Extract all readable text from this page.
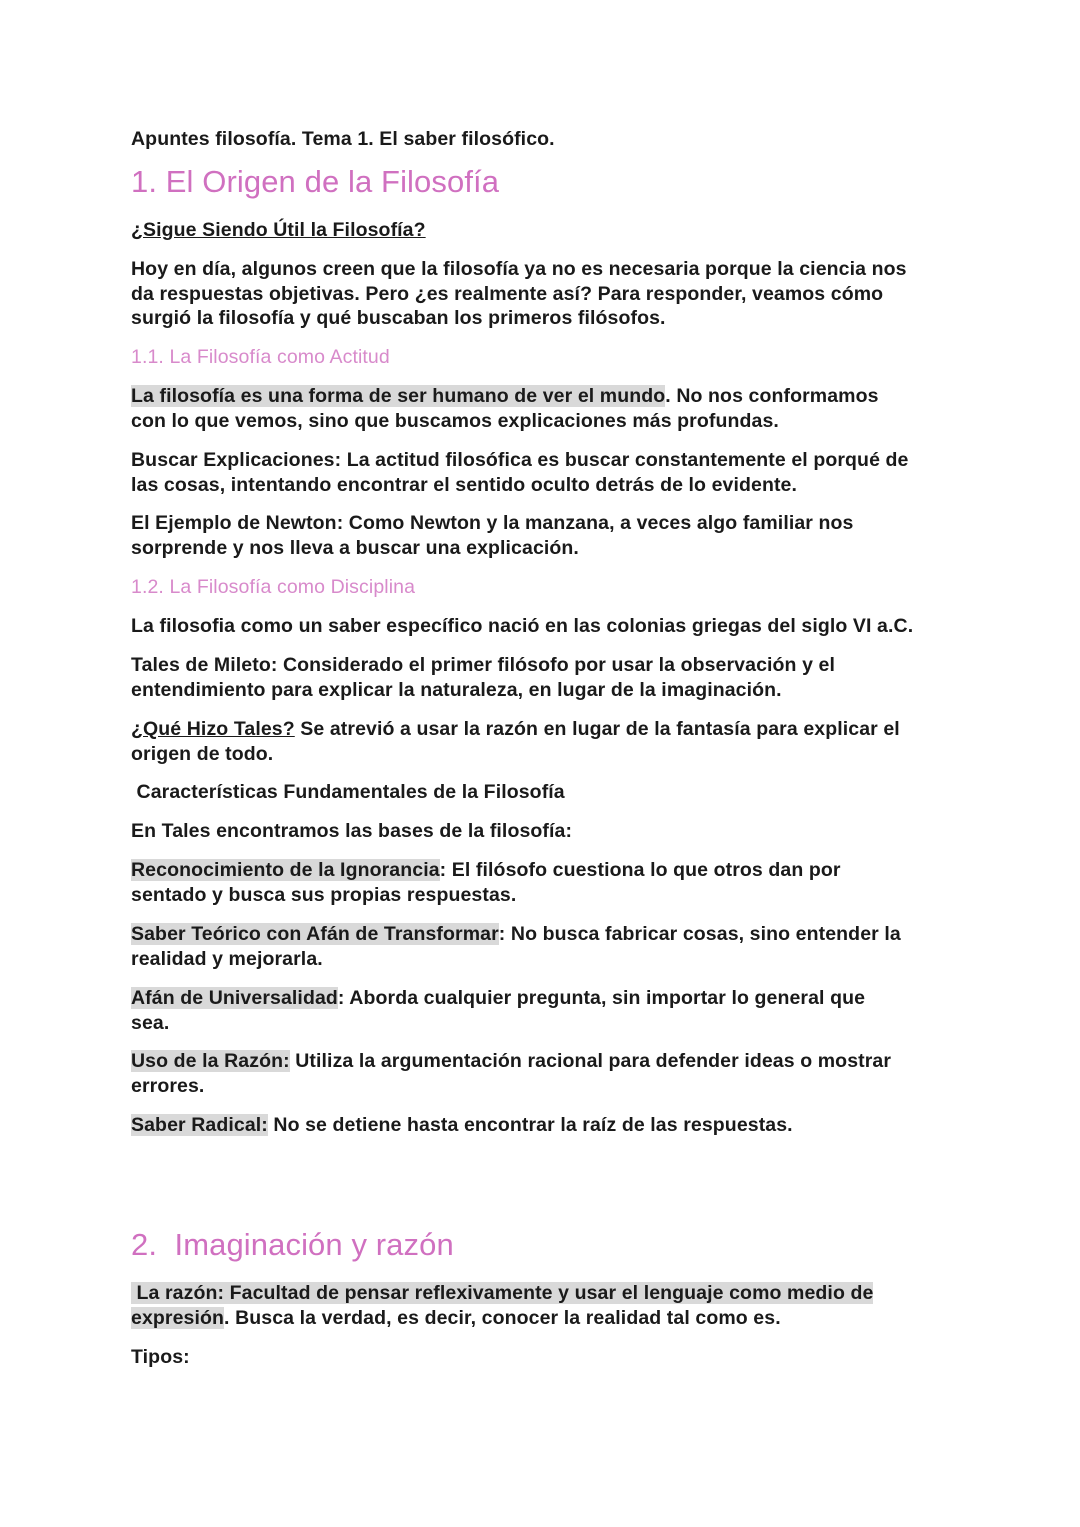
Apuntes filosofía. Tema 1. El saber filosófico.
1. El Origen de la Filosofía
¿Sigue Siendo Útil la Filosofía?
Hoy en día, algunos creen que la filosofía ya no es necesaria porque la ciencia nos
da respuestas objetivas. Pero ¿es realmente así? Para responder, veamos cómo
surgió la filosofía y qué buscaban los primeros filósofos.
1.1. La Filosofía como Actitud
La filosofía es una forma de ser humano de ver el mundo. No nos conformamos
con lo que vemos, sino que buscamos explicaciones más profundas.
Buscar Explicaciones: La actitud filosófica es buscar constantemente el porqué de
las cosas, intentando encontrar el sentido oculto detrás de lo evidente.
El Ejemplo de Newton: Como Newton y la manzana, a veces algo familiar nos
sorprende y nos lleva a buscar una explicación.
1.2. La Filosofía como Disciplina
La filosofia como un saber específico nació en las colonias griegas del siglo VI a.C.
Tales de Mileto: Considerado el primer filósofo por usar la observación y el
entendimiento para explicar la naturaleza, en lugar de la imaginación.
¿Qué Hizo Tales? Se atrevió a usar la razón en lugar de la fantasía para explicar el
origen de todo.
Características Fundamentales de la Filosofía
En Tales encontramos las bases de la filosofía:
Reconocimiento de la Ignorancia: El filósofo cuestiona lo que otros dan por
sentado y busca sus propias respuestas.
Saber Teórico con Afán de Transformar: No busca fabricar cosas, sino entender la
realidad y mejorarla.
Afán de Universalidad: Aborda cualquier pregunta, sin importar lo general que
sea.
Uso de la Razón: Utiliza la argumentación racional para defender ideas o mostrar
errores.
Saber Radical: No se detiene hasta encontrar la raíz de las respuestas.
2.  Imaginación y razón
La razón: Facultad de pensar reflexivamente y usar el lenguaje como medio de
expresión. Busca la verdad, es decir, conocer la realidad tal como es.
Tipos:
